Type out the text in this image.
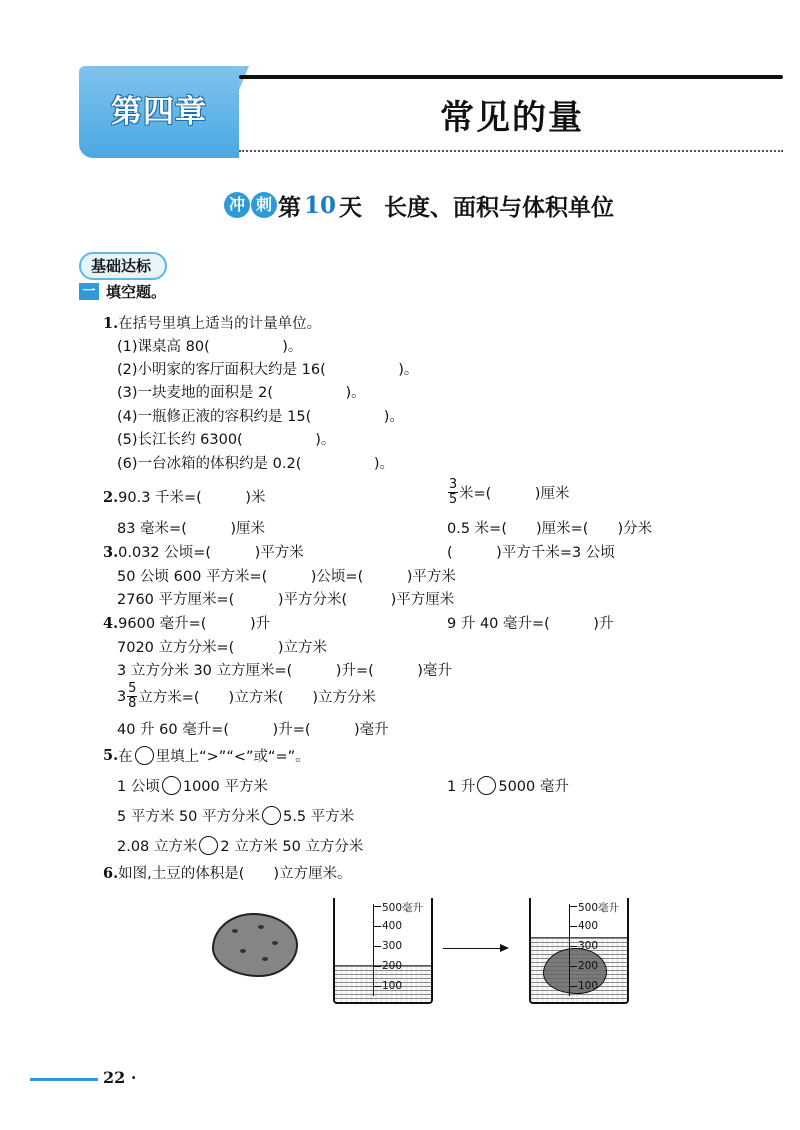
第四章	常见的量
冲 刺 第 10 天 长度、面积与体积单位
基础达标
一 填空题。
1.在括号里填上适当的计量单位。
(1)课桌高 80(　　　　　)。
(2)小明家的客厅面积大约是 16(　　　　　)。
(3)一块麦地的面积是 2(　　　　　)。
(4)一瓶修正液的容积约是 15(　　　　　)。
(5)长江长约 6300(　　　　　)。
(6)一台冰箱的体积约是 0.2(　　　　　)。
2.90.3 千米=(　　　)米	$\frac{3}{5}$ 米=(　　　)厘米
83 毫米=(　　　)厘米	0.5 米=(　　)厘米=(　　)分米
3.0.032 公顷=(　　　)平方米	(　　　)平方千米=3 公顷
50 公顷 600 平方米=(　　　)公顷=(　　　)平方米
2760 平方厘米=(　　　)平方分米(　　　)平方厘米
4.9600 毫升=(　　　)升	9 升 40 毫升=(　　　)升
7020 立方分米=(　　　)立方米
3 立方分米 30 立方厘米=(　　　)升=(　　　)毫升
$3 \frac{5}{8}$ 立方米=(　　)立方米(　　)立方分米
40 升 60 毫升=(　　　)升=(　　　)毫升
5. 在 里填上“>”“<”或“=”。
1 公顷 1000 平方米	1 升 5000 毫升
5 平方米 50 平方分米 5.5 平方米
2.08 立方米 2 立方米 50 立方分米
6.如图,土豆的体积是(　　)立方厘米。
500毫升
400
300
200
100
500毫升
400
300
200
100
22 ·
